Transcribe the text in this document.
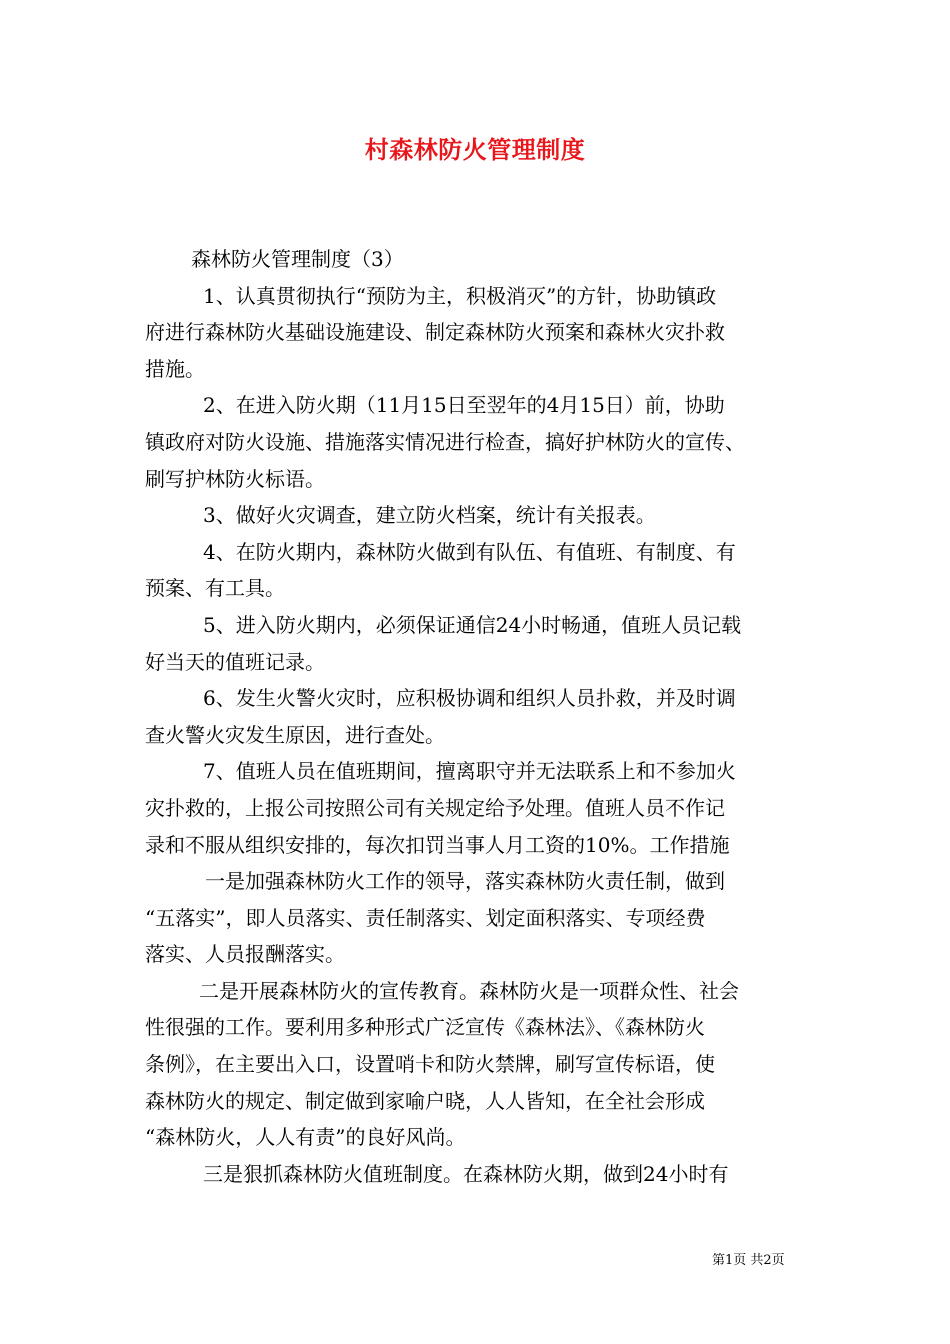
村森林防火管理制度
森林防火管理制度（3）
1、认真贯彻执行“预防为主，积极消灭”的方针，协助镇政
府进行森林防火基础设施建设、制定森林防火预案和森林火灾扑救
措施。
2、在进入防火期（11月15日至翌年的4月15日）前，协助
镇政府对防火设施、措施落实情况进行检查，搞好护林防火的宣传、
刷写护林防火标语。
3、做好火灾调查，建立防火档案，统计有关报表。
4、在防火期内，森林防火做到有队伍、有值班、有制度、有
预案、有工具。
5、进入防火期内，必须保证通信24小时畅通，值班人员记载
好当天的值班记录。
6、发生火警火灾时，应积极协调和组织人员扑救，并及时调
查火警火灾发生原因，进行查处。
7、值班人员在值班期间，擅离职守并无法联系上和不参加火
灾扑救的，上报公司按照公司有关规定给予处理。值班人员不作记
录和不服从组织安排的，每次扣罚当事人月工资的10%。工作措施
一是加强森林防火工作的领导，落实森林防火责任制，做到
“五落实”，即人员落实、责任制落实、划定面积落实、专项经费
落实、人员报酬落实。
二是开展森林防火的宣传教育。森林防火是一项群众性、社会
性很强的工作。要利用多种形式广泛宣传《森林法》、《森林防火
条例》，在主要出入口，设置哨卡和防火禁牌，刷写宣传标语，使
森林防火的规定、制定做到家喻户晓，人人皆知，在全社会形成
“森林防火，人人有责”的良好风尚。
三是狠抓森林防火值班制度。在森林防火期，做到24小时有
第1页 共2页
